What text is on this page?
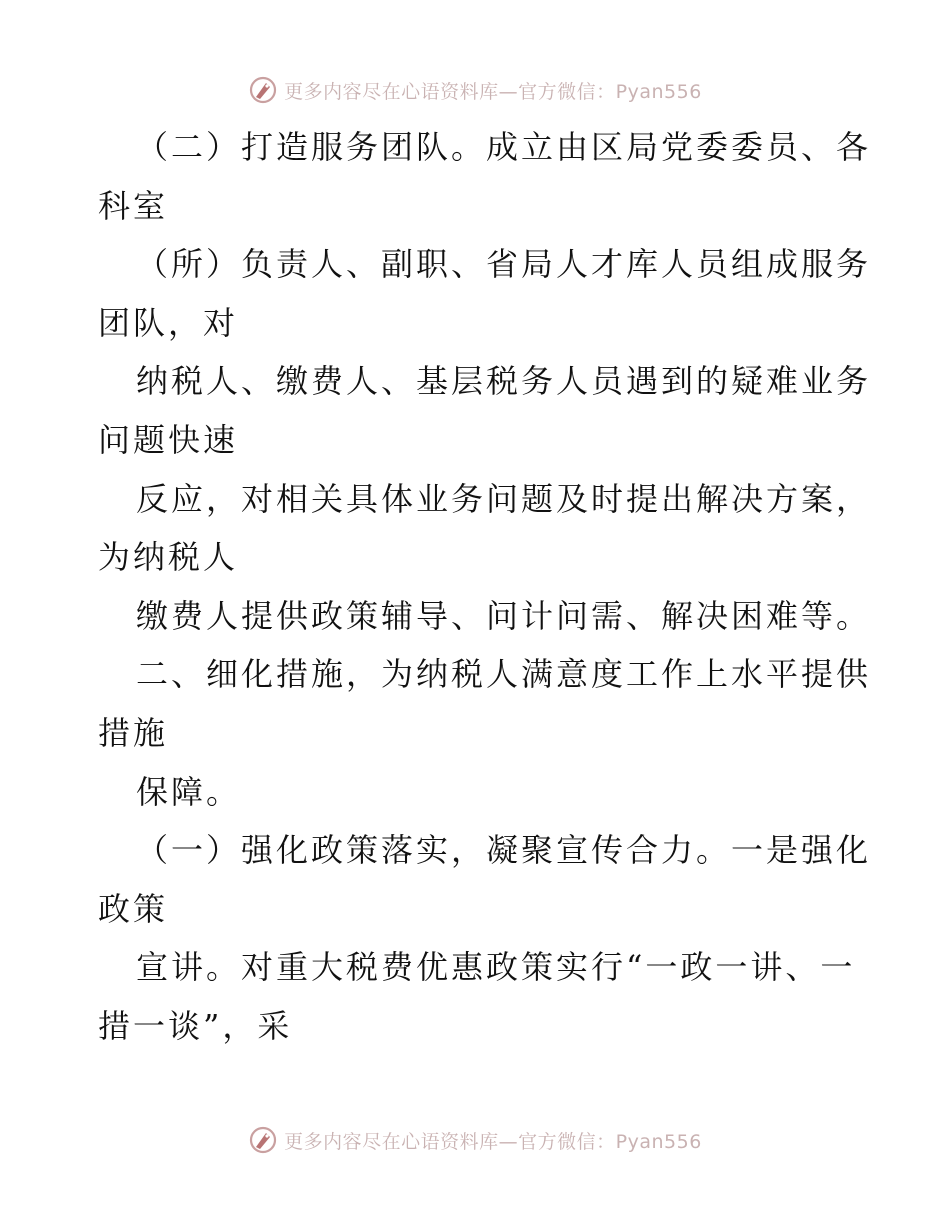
更多内容尽在心语资料库—官方微信：Pyan556
（二）打造服务团队。成立由区局党委委员、各
科室
（所）负责人、副职、省局人才库人员组成服务
团队，对
纳税人、缴费人、基层税务人员遇到的疑难业务
问题快速
反应，对相关具体业务问题及时提出解决方案，
为纳税人
缴费人提供政策辅导、问计问需、解决困难等。
二、细化措施，为纳税人满意度工作上水平提供
措施
保障。
（一）强化政策落实，凝聚宣传合力。一是强化
政策
宣讲。对重大税费优惠政策实行“一政一讲、一
措一谈”，采
更多内容尽在心语资料库—官方微信：Pyan556
